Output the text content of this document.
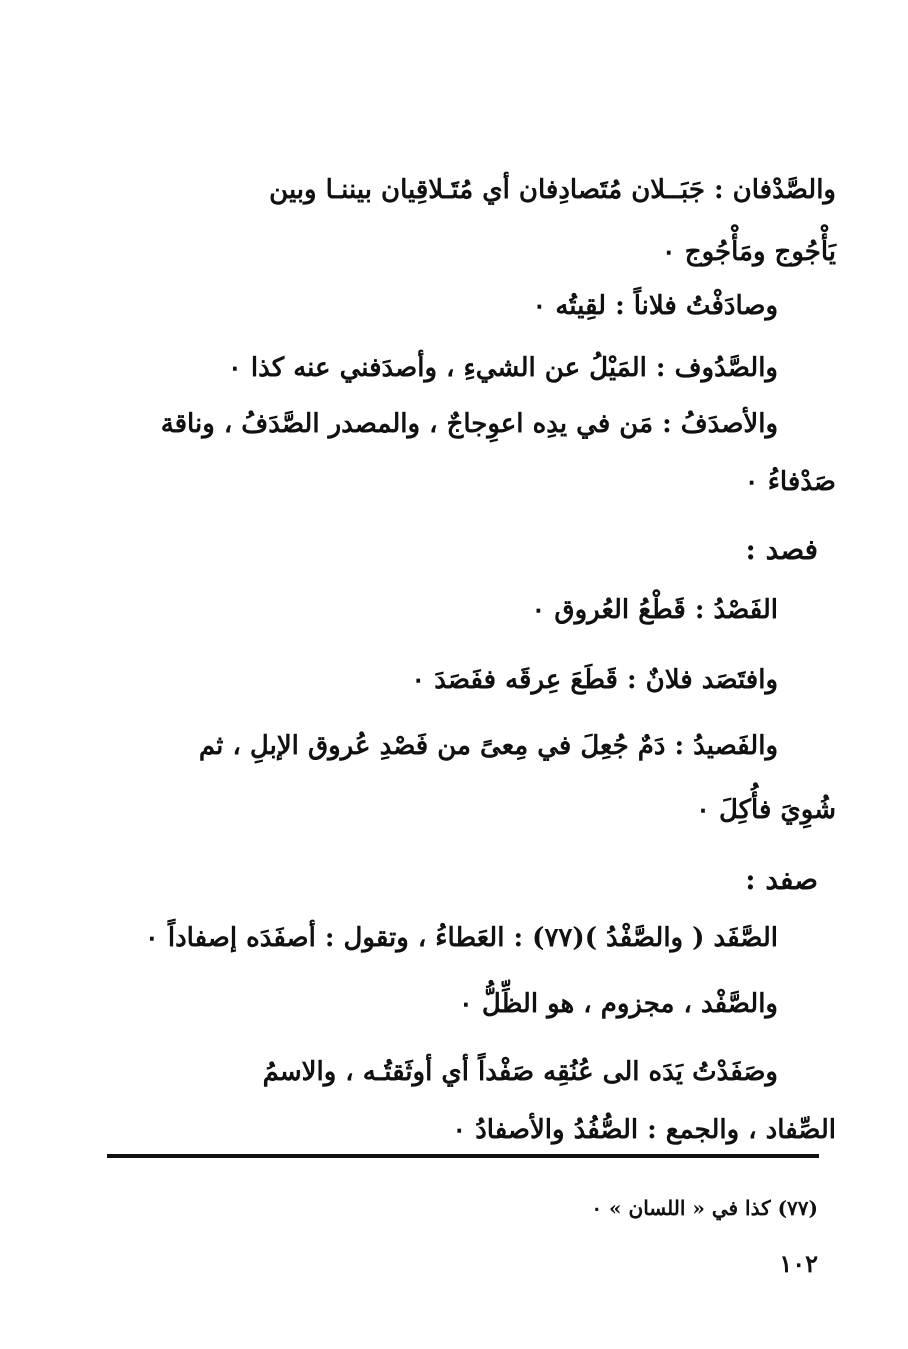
والصَّدْفان : جَبَــلان مُتَصادِفان أي مُتَـلاقِيان بيننـا وبين
يَأْجُوج ومَأْجُوج ٠
وصادَفْتُ فلاناً : لقِيتُه ٠
والصَّدُوف : المَيْلُ عن الشيءِ ، وأصدَفني عنه كذا ٠
والأصدَفُ : مَن في يدِه اعوِجاجٌ ، والمصدر الصَّدَفُ ، وناقة
صَدْفاءُ ٠
فصد :
الفَصْدُ : قَطْعُ العُروق ٠
وافتَصَد فلانٌ : قَطَعَ عِرقَه ففَصَدَ ٠
والفَصيدُ : دَمٌ جُعِلَ في مِعىً من فَصْدِ عُروق الإبلِ ، ثم
شُوِيَ فأُكِلَ ٠
صفد :
الصَّفَد ( والصَّفْدُ )(٧٧) : العَطاءُ ، وتقول : أصفَدَه إصفاداً ٠
والصَّفْد ، مجزوم ، هو الظِّلُّ ٠
وصَفَدْتُ يَدَه الى عُنُقِه صَفْداً أي أوثَقتُـه ، والاسمُ
الصِّفاد ، والجمع : الصُّفُدُ والأصفادُ ٠
(٧٧) كذا في « اللسان » ٠
١٠٢
